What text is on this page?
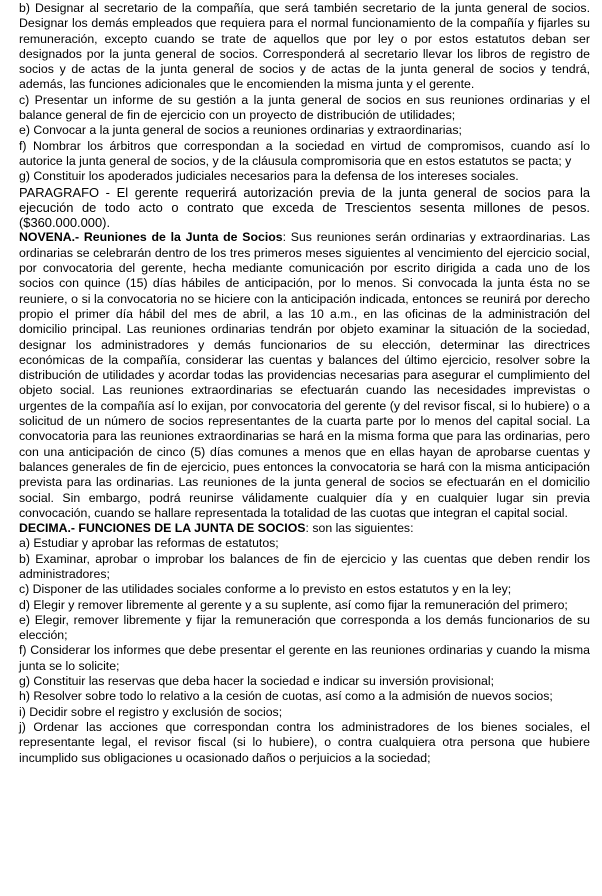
b) Designar al secretario de la compañía, que será también secretario de la junta general de socios. Designar los demás empleados que requiera para el normal funcionamiento de la compañía y fijarles su remuneración, excepto cuando se trate de aquellos que por ley o por estos estatutos deban ser designados por la junta general de socios. Corresponderá al secretario llevar los libros de registro de socios y de actas de la junta general de socios y de actas de la junta general de socios y tendrá, además, las funciones adicionales que le encomienden la misma junta y el gerente.

c) Presentar un informe de su gestión a la junta general de socios en sus reuniones ordinarias y el balance general de fin de ejercicio con un proyecto de distribución de utilidades;

e) Convocar a la junta general de socios a reuniones ordinarias y extraordinarias;

f) Nombrar los árbitros que correspondan a la sociedad en virtud de compromisos, cuando así lo autorice la junta general de socios, y de la cláusula compromisoria que en estos estatutos se pacta; y

g) Constituir los apoderados judiciales necesarios para la defensa de los intereses sociales.

PARAGRAFO - El gerente requerirá autorización previa de la junta general de socios para la ejecución de todo acto o contrato que exceda de Trescientos sesenta millones de pesos. ($360.000.000).

NOVENA.- Reuniones de la Junta de Socios: Sus reuniones serán ordinarias y extraordinarias. Las ordinarias se celebrarán dentro de los tres primeros meses siguientes al vencimiento del ejercicio social, por convocatoria del gerente, hecha mediante comunicación por escrito dirigida a cada uno de los socios con quince (15) días hábiles de anticipación, por lo menos. Si convocada la junta ésta no se reuniere, o si la convocatoria no se hiciere con la anticipación indicada, entonces se reunirá por derecho propio el primer día hábil del mes de abril, a las 10 a.m., en las oficinas de la administración del domicilio principal. Las reuniones ordinarias tendrán por objeto examinar la situación de la sociedad, designar los administradores y demás funcionarios de su elección, determinar las directrices económicas de la compañía, considerar las cuentas y balances del último ejercicio, resolver sobre la distribución de utilidades y acordar todas las providencias necesarias para asegurar el cumplimiento del objeto social. Las reuniones extraordinarias se efectuarán cuando las necesidades imprevistas o urgentes de la compañía así lo exijan, por convocatoria del gerente (y del revisor fiscal, si lo hubiere) o a solicitud de un número de socios representantes de la cuarta parte por lo menos del capital social. La convocatoria para las reuniones extraordinarias se hará en la misma forma que para las ordinarias, pero con una anticipación de cinco (5) días comunes a menos que en ellas hayan de aprobarse cuentas y balances generales de fin de ejercicio, pues entonces la convocatoria se hará con la misma anticipación prevista para las ordinarias. Las reuniones de la junta general de socios se efectuarán en el domicilio social. Sin embargo, podrá reunirse válidamente cualquier día y en cualquier lugar sin previa convocación, cuando se hallare representada la totalidad de las cuotas que integran el capital social.

DECIMA.- FUNCIONES DE LA JUNTA DE SOCIOS: son las siguientes:

a) Estudiar y aprobar las reformas de estatutos;

b) Examinar, aprobar o improbar los balances de fin de ejercicio y las cuentas que deben rendir los administradores;

c) Disponer de las utilidades sociales conforme a lo previsto en estos estatutos y en la ley;

d) Elegir y remover libremente al gerente y a su suplente, así como fijar la remuneración del primero;

e) Elegir, remover libremente y fijar la remuneración que corresponda a los demás funcionarios de su elección;

f) Considerar los informes que debe presentar el gerente en las reuniones ordinarias y cuando la misma junta se lo solicite;

g) Constituir las reservas que deba hacer la sociedad e indicar su inversión provisional;

h) Resolver sobre todo lo relativo a la cesión de cuotas, así como a la admisión de nuevos socios;

i) Decidir sobre el registro y exclusión de socios;

j) Ordenar las acciones que correspondan contra los administradores de los bienes sociales, el representante legal, el revisor fiscal (si lo hubiere), o contra cualquiera otra persona que hubiere incumplido sus obligaciones u ocasionado daños o perjuicios a la sociedad;
